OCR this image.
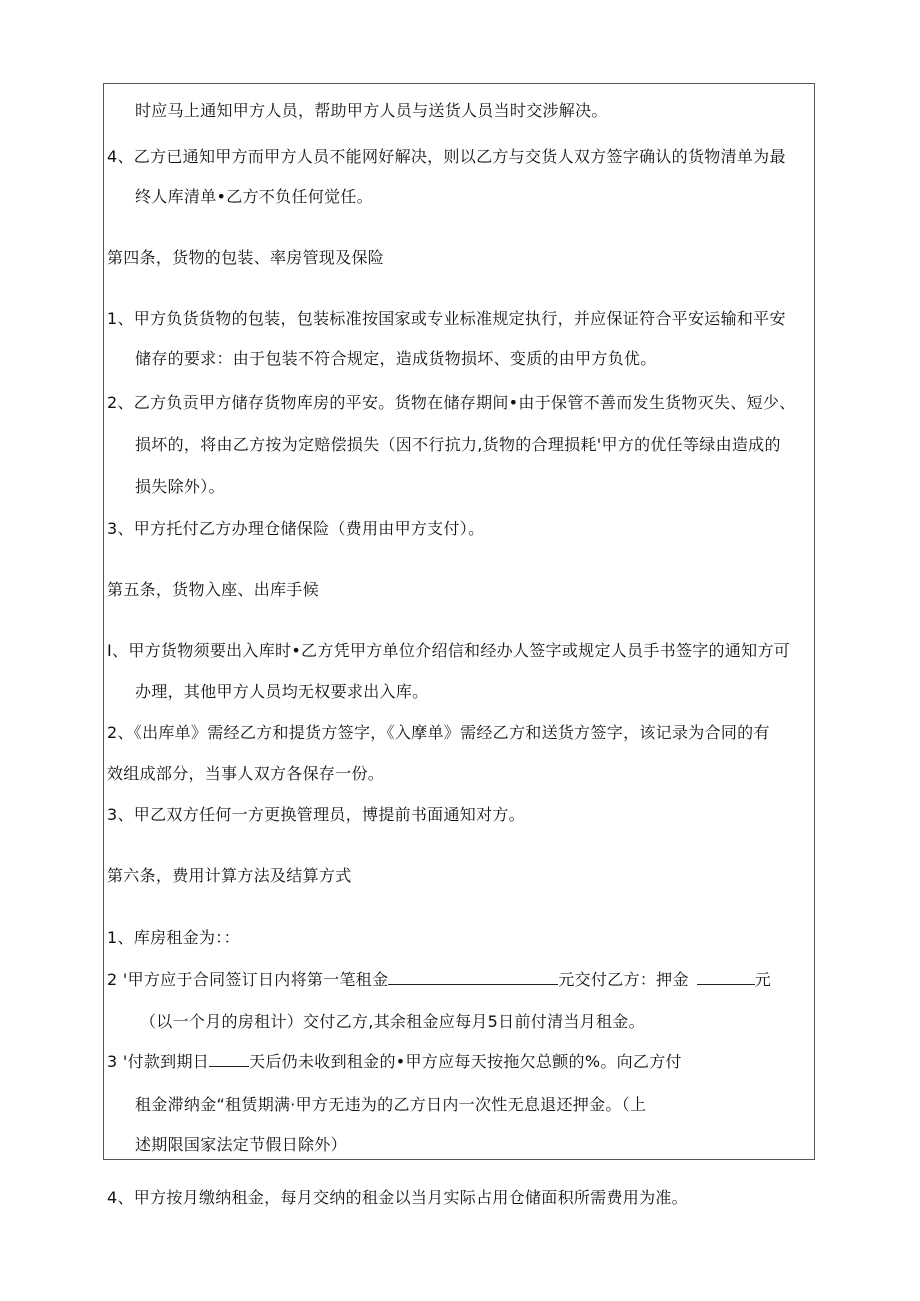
时应马上通知甲方人员，帮助甲方人员与送货人员当时交涉解决。
4、乙方已通知甲方而甲方人员不能网好解决，则以乙方与交货人双方签字确认的货物清单为最
终人库清单•乙方不负任何觉任。
第四条，货物的包装、率房管现及保险
1、甲方负货货物的包装，包装标准按国家或专业标准规定执行，并应保证符合平安运输和平安
储存的要求：由于包装不符合规定，造成货物损坏、变质的由甲方负优。
2、乙方负贡甲方储存货物库房的平安。货物在储存期间•由于保管不善而发生货物灭失、短少、
损坏的，将由乙方按为定赔偿损失（因不行抗力,货物的合理损耗'甲方的优任等绿由造成的
损失除外）。
3、甲方托付乙方办理仓储保险（费用由甲方支付）。
第五条，货物入座、出库手候
I、甲方货物须要出入库时•乙方凭甲方单位介绍信和经办人签字或规定人员手书签字的通知方可
办理，其他甲方人员均无权要求出入库。
2、《出库单》需经乙方和提货方签字，《入摩单》需经乙方和送货方签字，该记录为合同的有
效组成部分，当事人双方各保存一份。
3、甲乙双方任何一方更换管理员，博提前书面通知对方。
第六条，费用计算方法及结算方式
1、库房租金为：：
2 '甲方应于合同签订日内将第一笔租金	元交付乙方：押金	元
（以一个月的房租计）交付乙方,其余租金应每月5日前付清当月租金。
3 '付款到期日	天后仍未收到租金的•甲方应每天按拖欠总颤的%。向乙方付
租金滞纳金“租赁期满·甲方无违为的乙方日内一次性无息退还押金。（上
述期限国家法定节假日除外）
4、甲方按月缴纳租金，每月交纳的租金以当月实际占用仓储面积所需费用为准。
